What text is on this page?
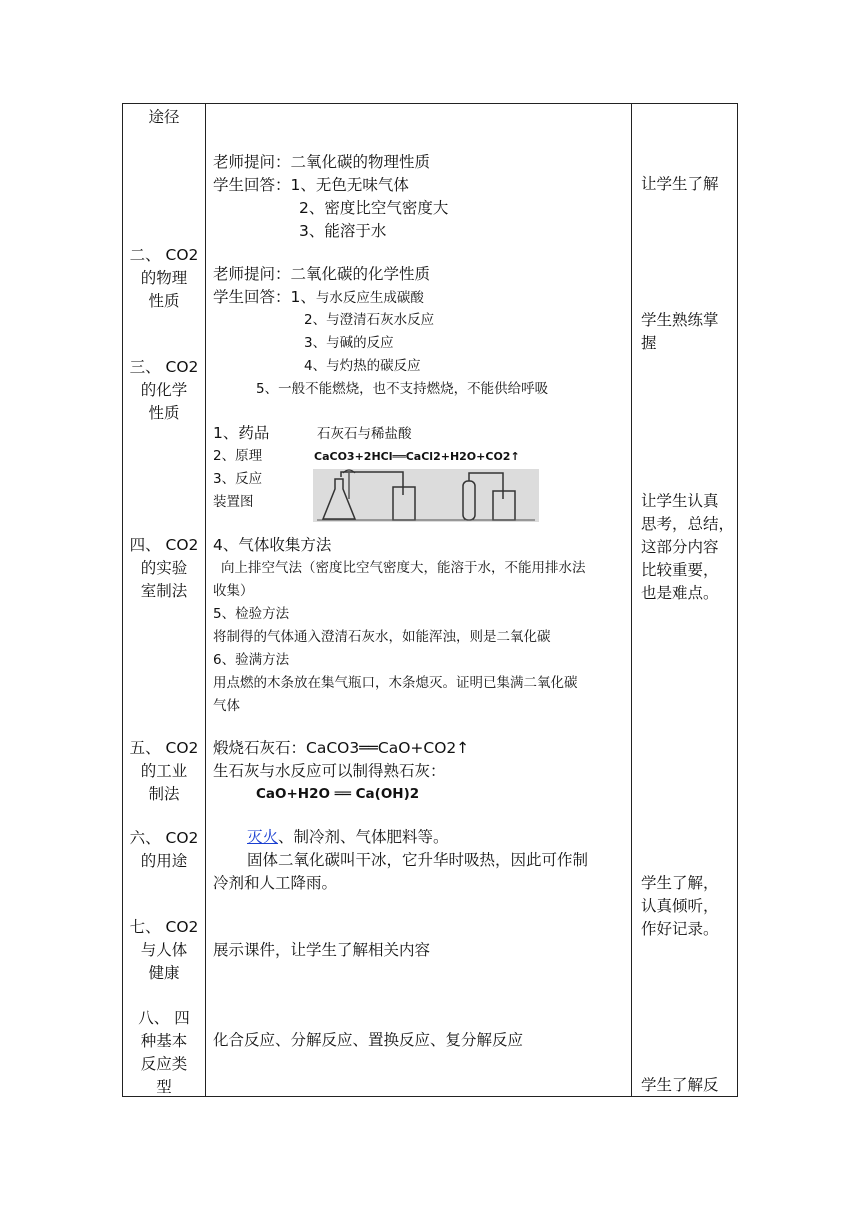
途径
二、 CO2
的物理
性质
三、 CO2
的化学
性质
四、 CO2
的实验
室制法
五、 CO2
的工业
制法
六、 CO2
的用途
七、 CO2
与人体
健康
八、 四
种基本
反应类
型
老师提问：二氧化碳的物理性质
学生回答：1、无色无味气体
2、密度比空气密度大
3、能溶于水
老师提问：二氧化碳的化学性质
学生回答：1、与水反应生成碳酸
2、与澄清石灰水反应
3、与碱的反应
4、与灼热的碳反应
5、一般不能燃烧，也不支持燃烧，不能供给呼吸
1、药品	石灰石与稀盐酸
2、原理	CaCO3+2HCl══CaCl2+H2O+CO2↑
3、反应
装置图
4、气体收集方法
向上排空气法（密度比空气密度大，能溶于水，不能用排水法
收集）
5、检验方法
将制得的气体通入澄清石灰水，如能浑浊，则是二氧化碳
6、验满方法
用点燃的木条放在集气瓶口，木条熄灭。证明已集满二氧化碳
气体
煅烧石灰石：CaCO3══CaO+CO2↑
生石灰与水反应可以制得熟石灰：
CaO+H2O ══ Ca(OH)2
灭火、制冷剂、气体肥料等。
固体二氧化碳叫干冰，它升华时吸热，因此可作制
冷剂和人工降雨。
展示课件，让学生了解相关内容
化合反应、分解反应、置换反应、复分解反应
让学生了解
学生熟练掌
握
让学生认真
思考，总结，
这部分内容
比较重要，
也是难点。
学生了解，
认真倾听，
作好记录。
学生了解反
